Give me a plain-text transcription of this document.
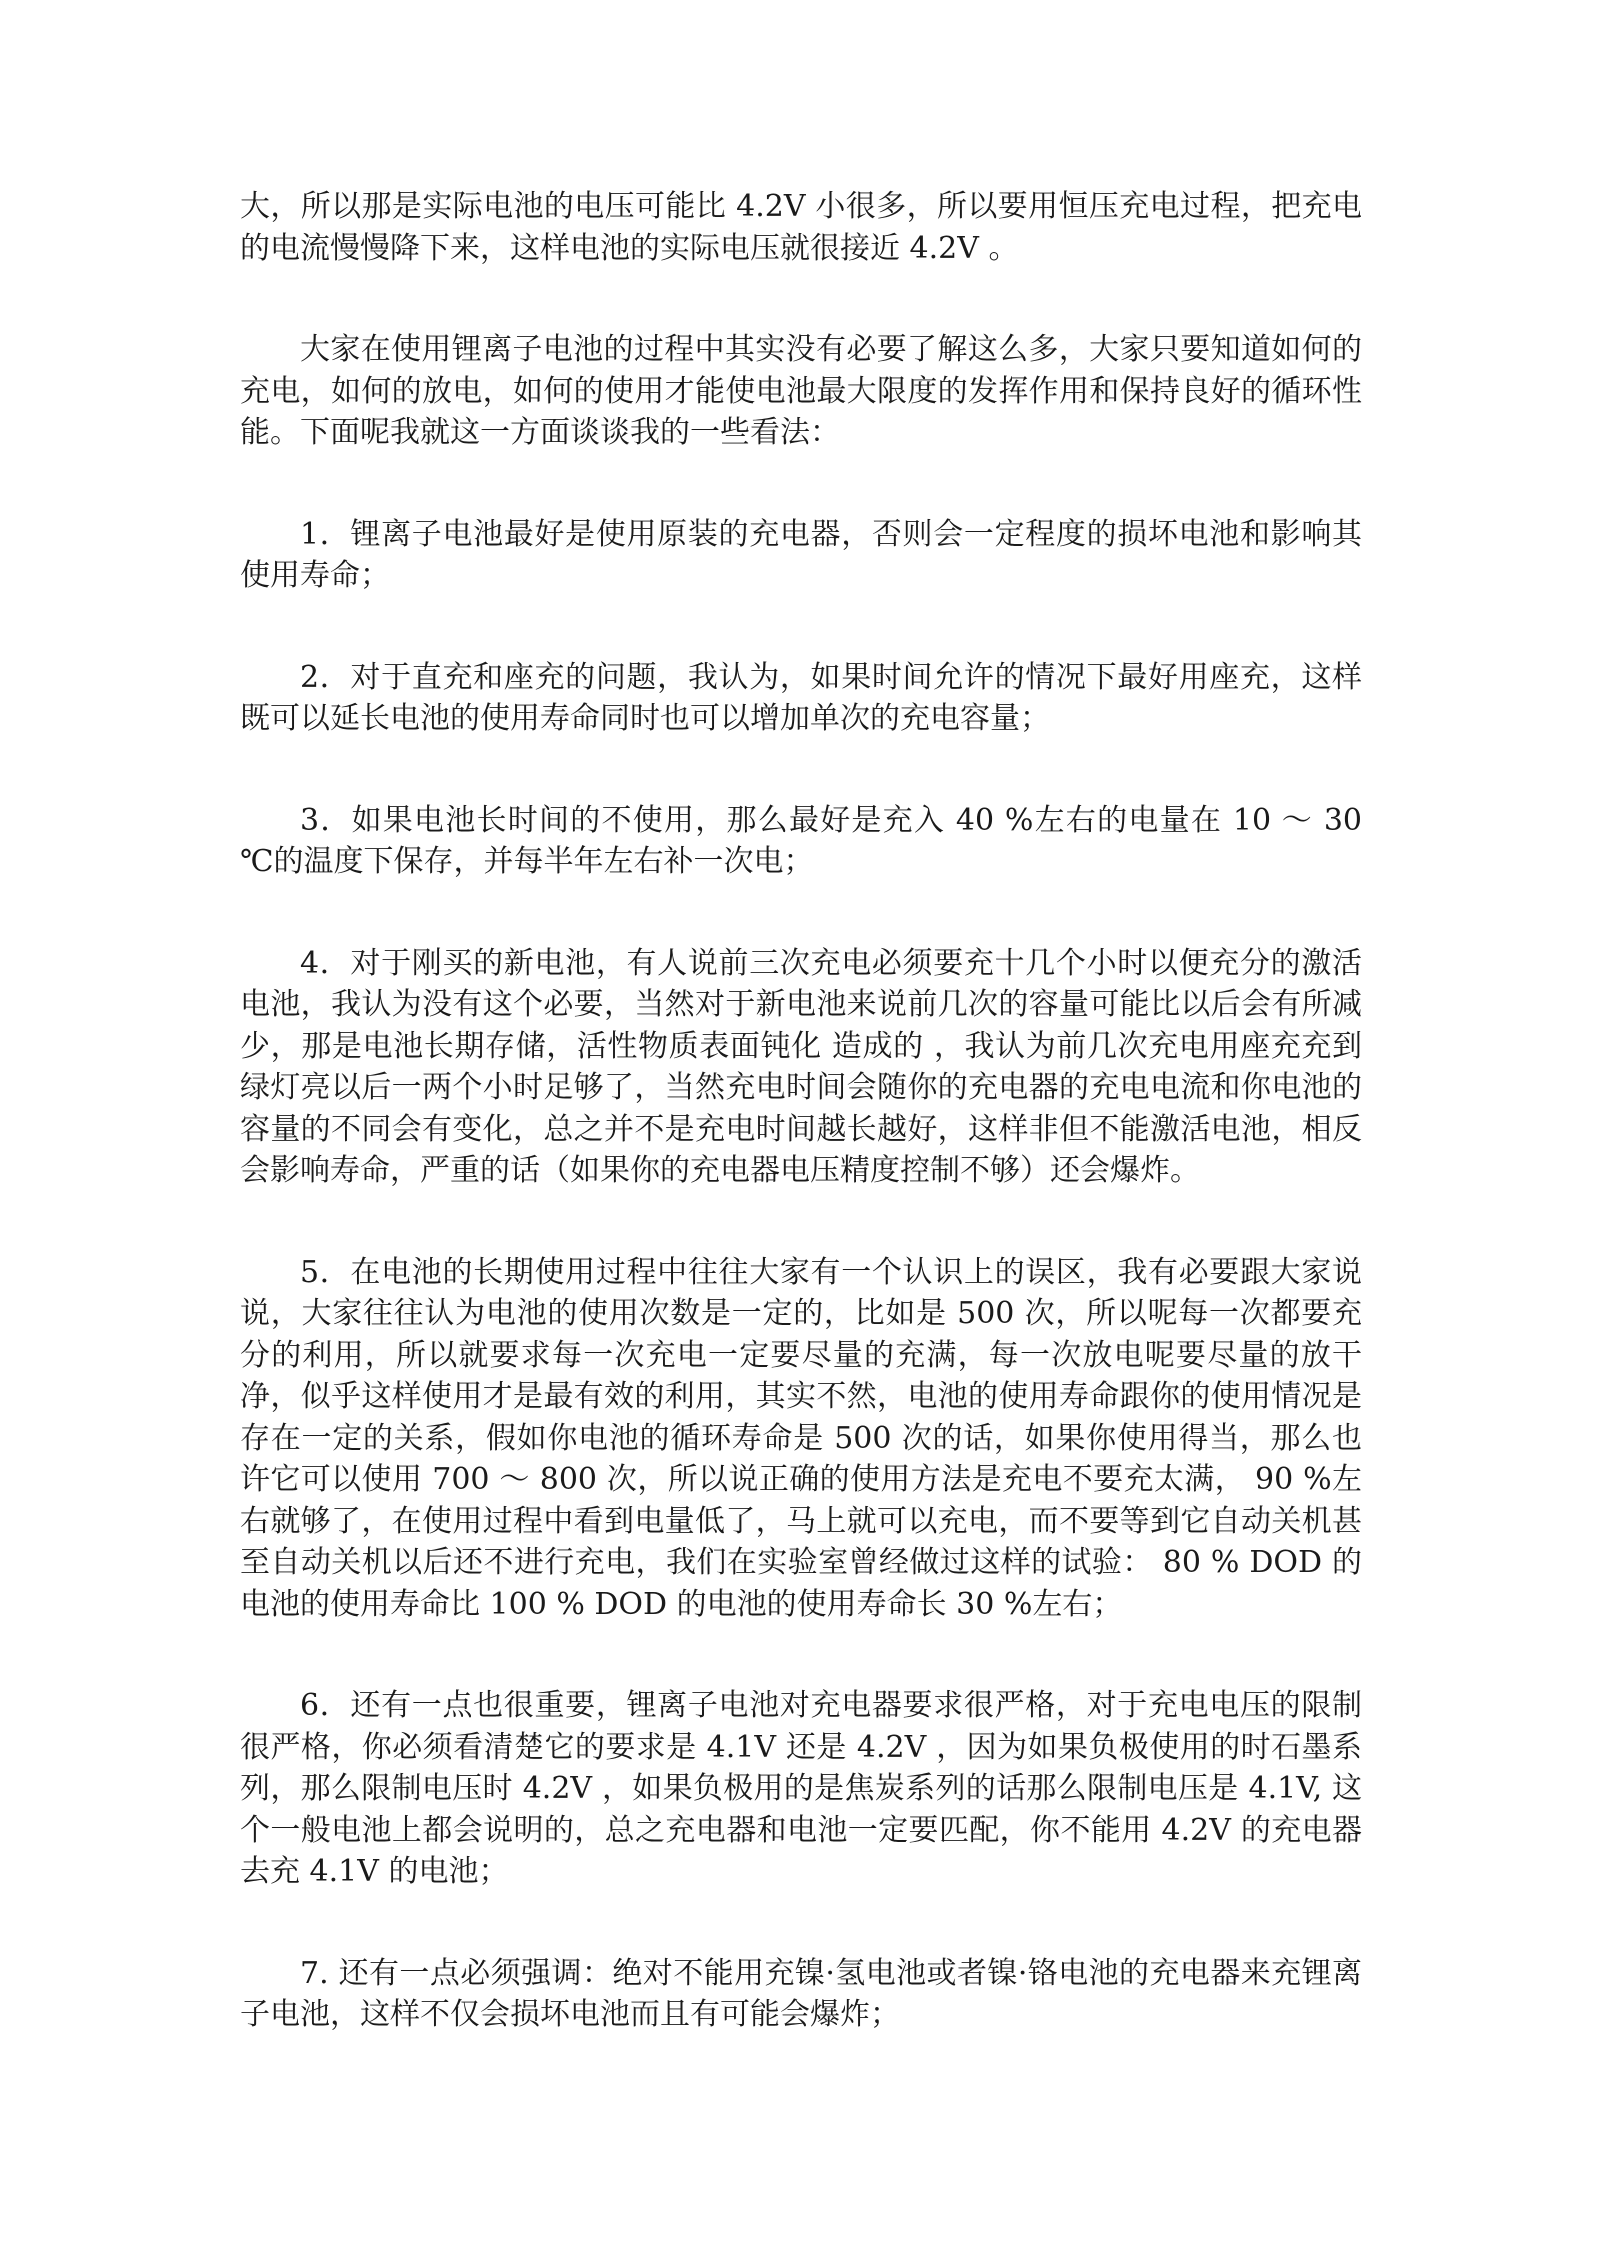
大，所以那是实际电池的电压可能比 4.2V 小很多，所以要用恒压充电过程，把充电的电流慢慢降下来，这样电池的实际电压就很接近 4.2V 。

大家在使用锂离子电池的过程中其实没有必要了解这么多，大家只要知道如何的充电，如何的放电，如何的使用才能使电池最大限度的发挥作用和保持良好的循环性能。下面呢我就这一方面谈谈我的一些看法：

1．锂离子电池最好是使用原装的充电器，否则会一定程度的损坏电池和影响其使用寿命；

2．对于直充和座充的问题，我认为，如果时间允许的情况下最好用座充，这样既可以延长电池的使用寿命同时也可以增加单次的充电容量；

3．如果电池长时间的不使用，那么最好是充入 40 %左右的电量在 10 ～ 30 ℃的温度下保存，并每半年左右补一次电；

4．对于刚买的新电池，有人说前三次充电必须要充十几个小时以便充分的激活电池，我认为没有这个必要，当然对于新电池来说前几次的容量可能比以后会有所减少，那是电池长期存储，活性物质表面钝化 造成的 ，我认为前几次充电用座充充到绿灯亮以后一两个小时足够了，当然充电时间会随你的充电器的充电电流和你电池的容量的不同会有变化，总之并不是充电时间越长越好，这样非但不能激活电池，相反会影响寿命，严重的话（如果你的充电器电压精度控制不够）还会爆炸。

5．在电池的长期使用过程中往往大家有一个认识上的误区，我有必要跟大家说说，大家往往认为电池的使用次数是一定的，比如是 500 次，所以呢每一次都要充分的利用，所以就要求每一次充电一定要尽量的充满，每一次放电呢要尽量的放干净，似乎这样使用才是最有效的利用，其实不然，电池的使用寿命跟你的使用情况是存在一定的关系，假如你电池的循环寿命是 500 次的话，如果你使用得当，那么也许它可以使用 700 ～ 800 次，所以说正确的使用方法是充电不要充太满， 90 %左右就够了，在使用过程中看到电量低了，马上就可以充电，而不要等到它自动关机甚至自动关机以后还不进行充电，我们在实验室曾经做过这样的试验： 80 % DOD 的电池的使用寿命比 100 % DOD 的电池的使用寿命长 30 %左右；

6．还有一点也很重要，锂离子电池对充电器要求很严格，对于充电电压的限制很严格，你必须看清楚它的要求是 4.1V 还是 4.2V ，因为如果负极使用的时石墨系列，那么限制电压时 4.2V ，如果负极用的是焦炭系列的话那么限制电压是 4.1V, 这个一般电池上都会说明的，总之充电器和电池一定要匹配，你不能用 4.2V 的充电器去充 4.1V 的电池；

7. 还有一点必须强调：绝对不能用充镍·氢电池或者镍·铬电池的充电器来充锂离子电池，这样不仅会损坏电池而且有可能会爆炸；
